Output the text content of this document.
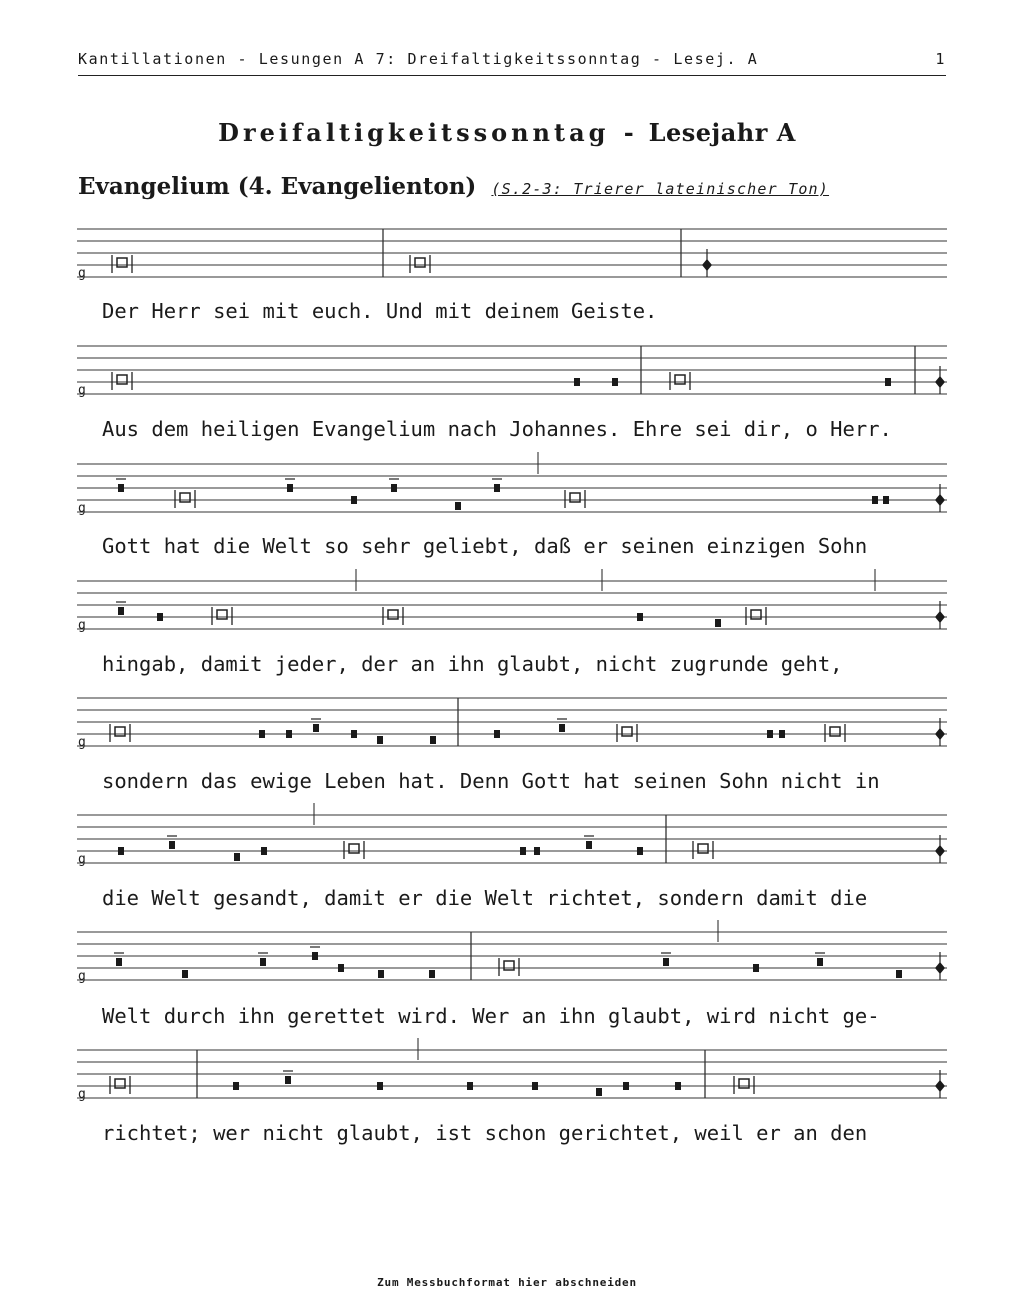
Kantillationen - Lesungen A 7: Dreifaltigkeitssonntag - Lesej. A	1
Dreifaltigkeitssonntag - Lesejahr A
Evangelium (4. Evangelienton) (S.2-3: Trierer lateinischer Ton)
g
g
g
g
g
g
g
g
Der Herr sei mit euch. Und mit deinem Geiste.
Aus dem heiligen Evangelium nach Johannes. Ehre sei dir, o Herr.
Gott hat die Welt so sehr geliebt, daß er seinen einzigen Sohn
hingab, damit jeder, der an ihn glaubt, nicht zugrunde geht,
sondern das ewige Leben hat. Denn Gott hat seinen Sohn nicht in
die Welt gesandt, damit er die Welt richtet, sondern damit die
Welt durch ihn gerettet wird. Wer an ihn glaubt, wird nicht ge-
richtet; wer nicht glaubt, ist schon gerichtet, weil er an den
Zum Messbuchformat hier abschneiden
